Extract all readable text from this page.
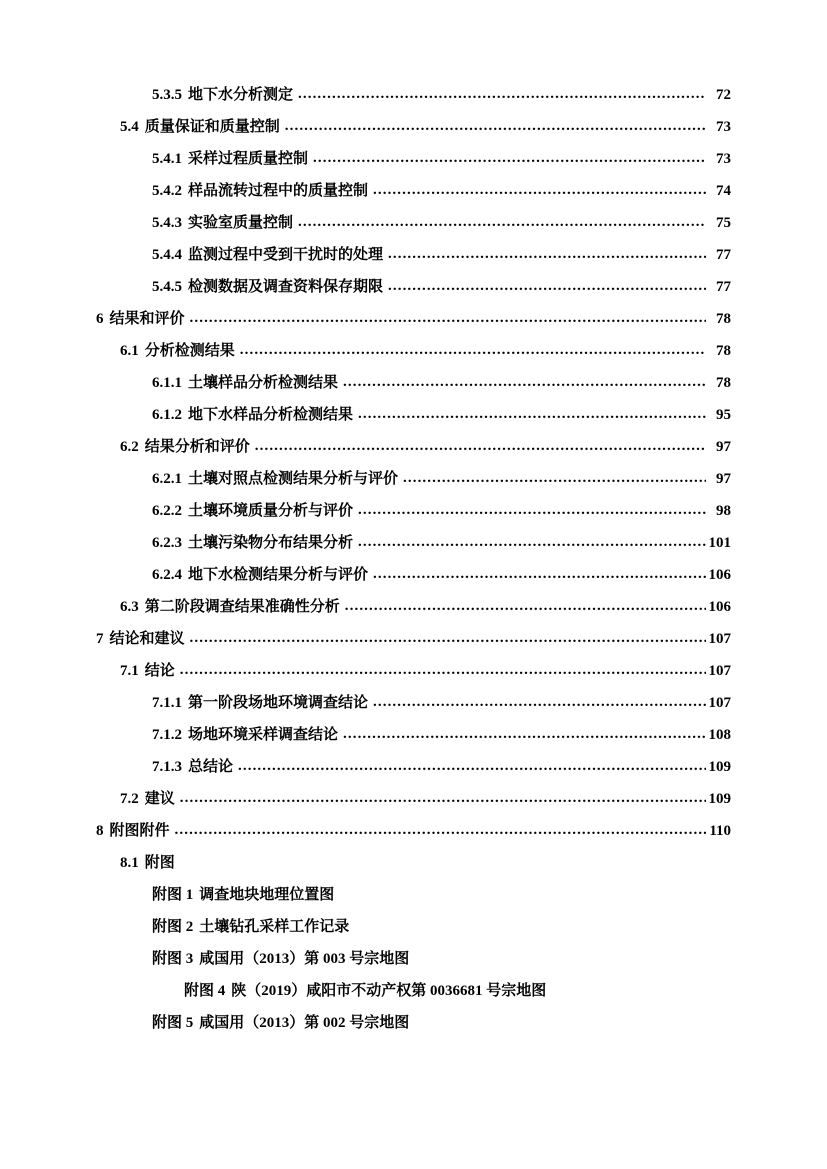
5.3.5 地下水分析测定 .....	72
5.4 质量保证和质量控制 .....	73
5.4.1 采样过程质量控制 .....	73
5.4.2 样品流转过程中的质量控制 .....	74
5.4.3 实验室质量控制 .....	75
5.4.4 监测过程中受到干扰时的处理 .....	77
5.4.5 检测数据及调查资料保存期限 .....	77
6 结果和评价 .....	78
6.1 分析检测结果 .....	78
6.1.1 土壤样品分析检测结果 .....	78
6.1.2 地下水样品分析检测结果 .....	95
6.2 结果分析和评价 .....	97
6.2.1 土壤对照点检测结果分析与评价 .....	97
6.2.2 土壤环境质量分析与评价 .....	98
6.2.3 土壤污染物分布结果分析 .....	101
6.2.4 地下水检测结果分析与评价 .....	106
6.3 第二阶段调查结果准确性分析 .....	106
7 结论和建议 .....	107
7.1 结论 .....	107
7.1.1 第一阶段场地环境调查结论 .....	107
7.1.2 场地环境采样调查结论 .....	108
7.1.3 总结论 .....	109
7.2 建议 .....	109
8 附图附件 .....	110
8.1 附图
附图 1 调查地块地理位置图
附图 2 土壤钻孔采样工作记录
附图 3 咸国用（2013）第 003 号宗地图
附图 4 陕（2019）咸阳市不动产权第 0036681 号宗地图
附图 5 咸国用（2013）第 002 号宗地图
